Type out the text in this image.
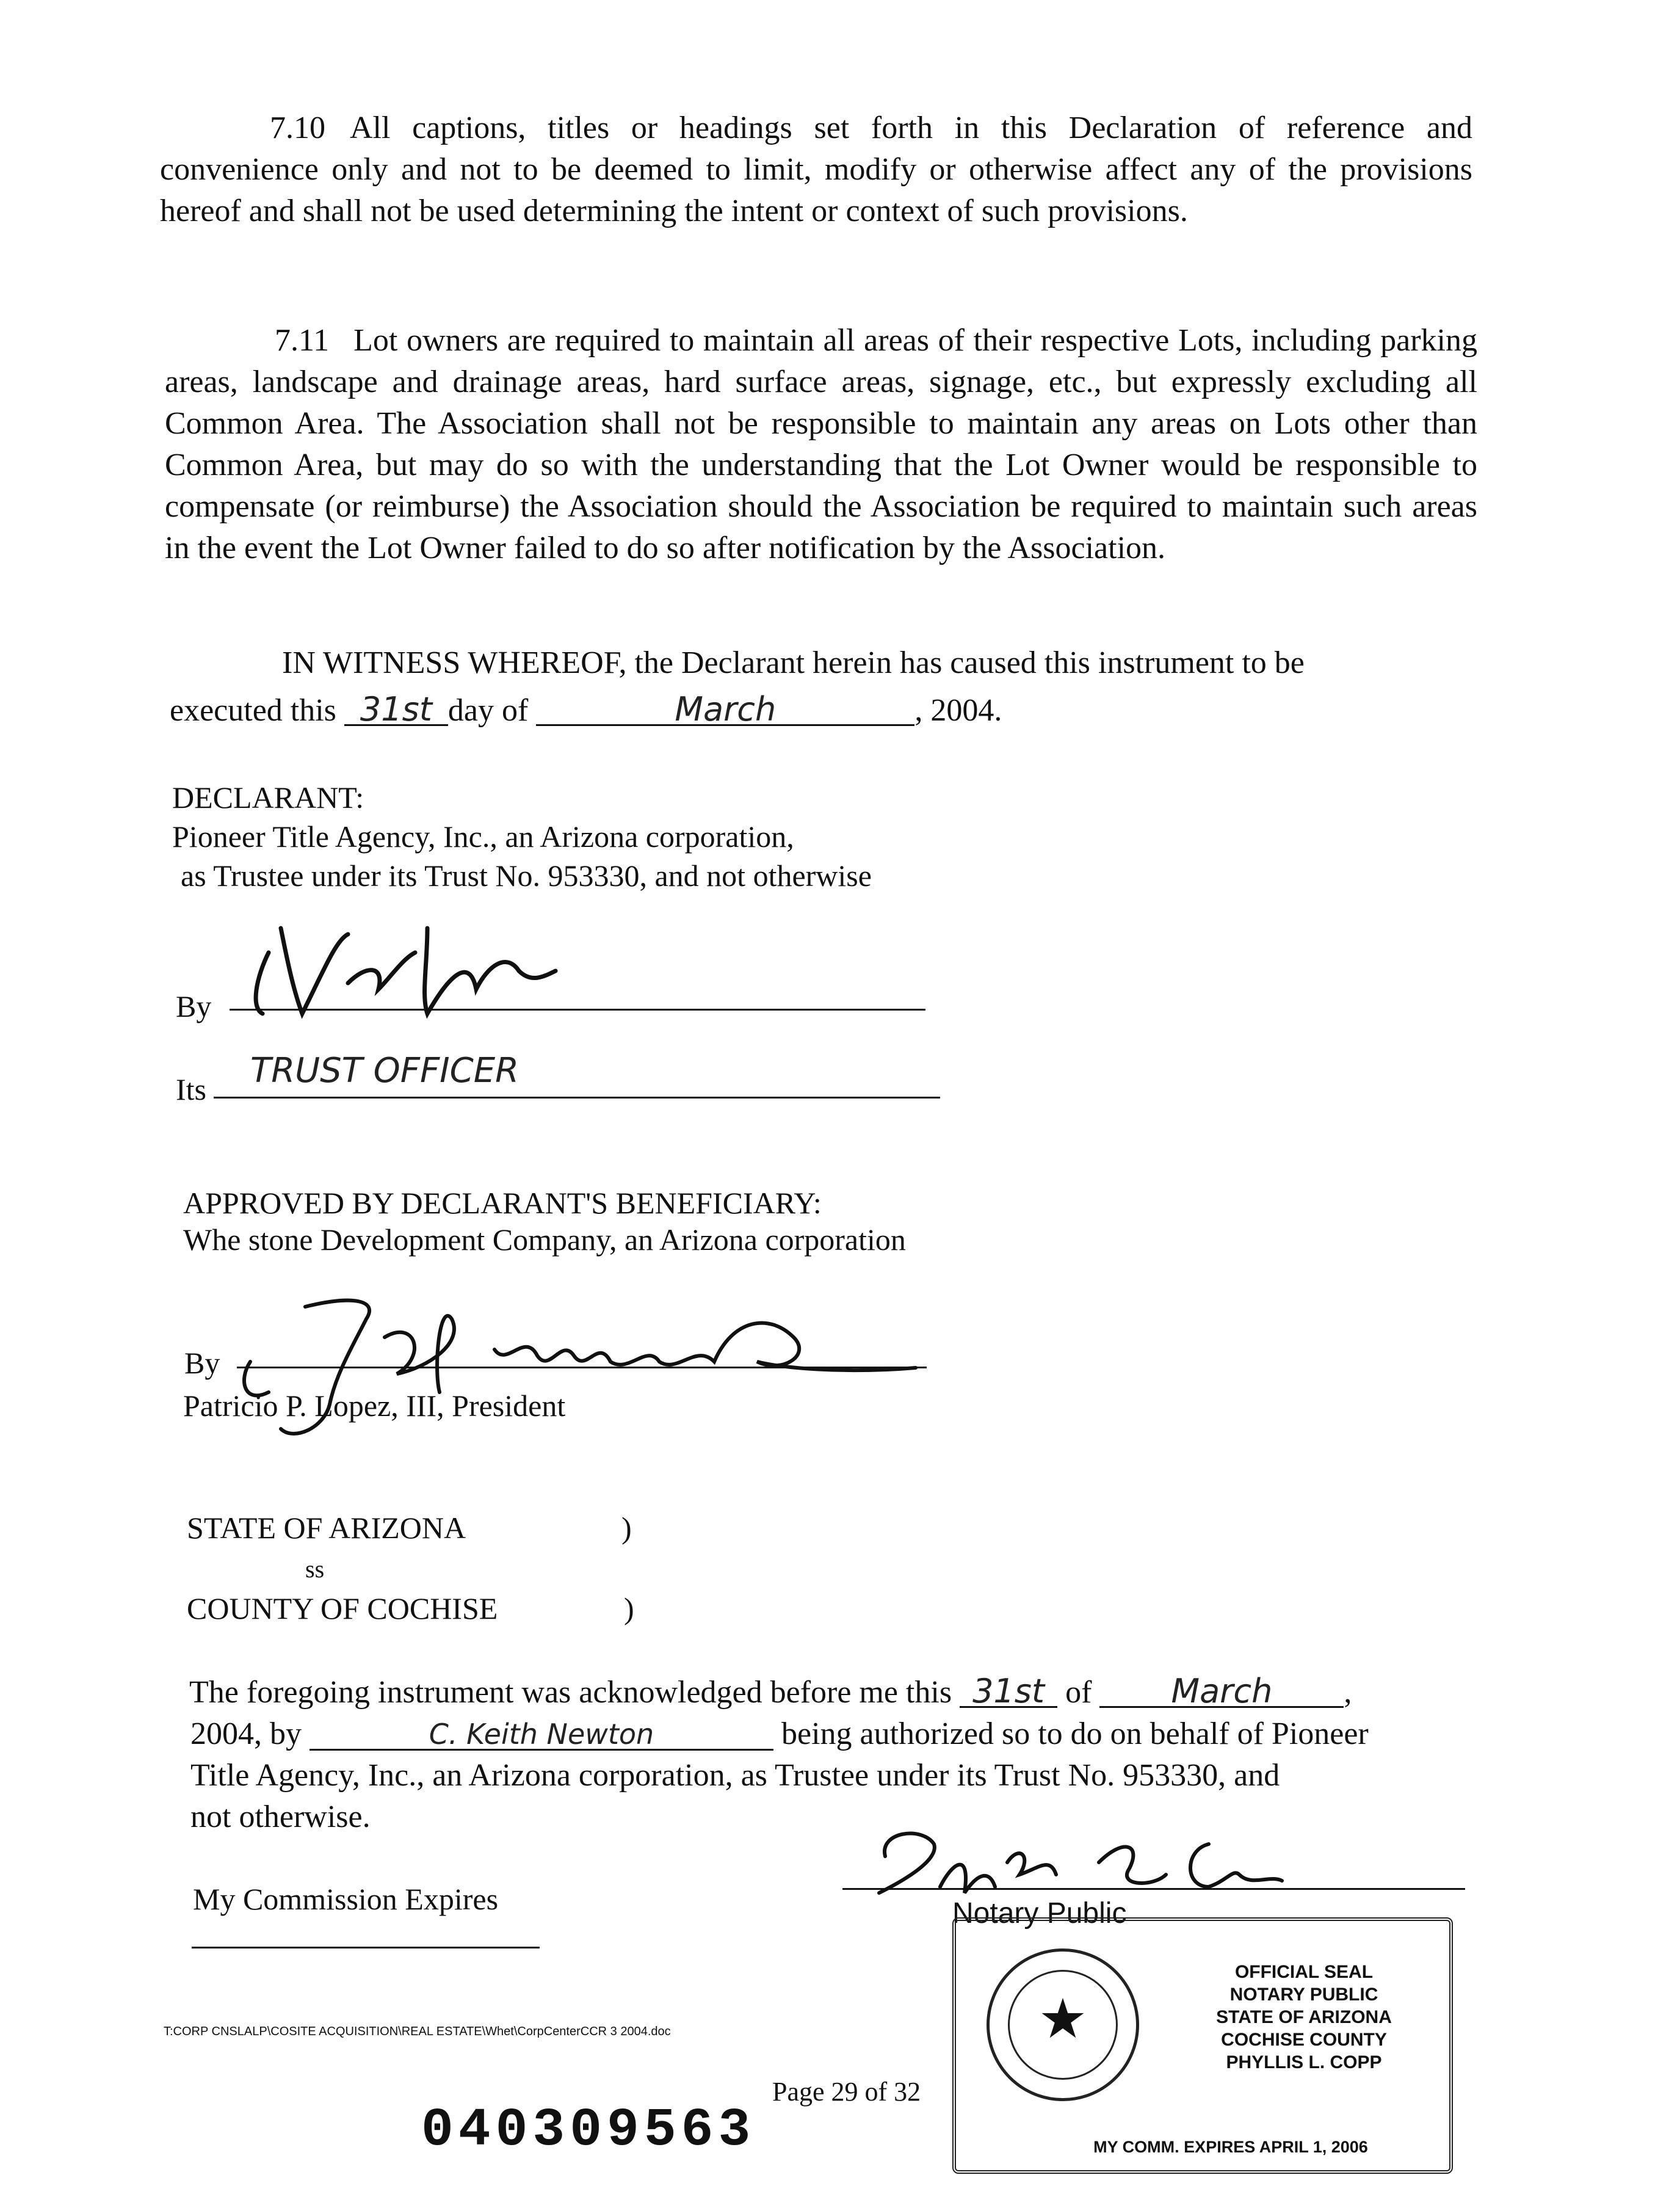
7.10 All captions, titles or headings set forth in this Declaration of reference and convenience only and not to be deemed to limit, modify or otherwise affect any of the provisions hereof and shall not be used determining the intent or context of such provisions.
7.11 Lot owners are required to maintain all areas of their respective Lots, including parking areas, landscape and drainage areas, hard surface areas, signage, etc., but expressly excluding all Common Area. The Association shall not be responsible to maintain any areas on Lots other than Common Area, but may do so with the understanding that the Lot Owner would be responsible to compensate (or reimburse) the Association should the Association be required to maintain such areas in the event the Lot Owner failed to do so after notification by the Association.
IN WITNESS WHEREOF, the Declarant herein has caused this instrument to be
executed this 31st day of	March	, 2004.
DECLARANT:
Pioneer Title Agency, Inc., an Arizona corporation,
as Trustee under its Trust No. 953330, and not otherwise
By
Its TRUST OFFICER
APPROVED BY DECLARANT'S BENEFICIARY:
Whe stone Development Company, an Arizona corporation
By
Patricio P. Lopez, III, President
STATE OF ARIZONA	)
ss
COUNTY OF COCHISE	)
The foregoing instrument was acknowledged before me this 31st of March ,
2004, by	C. Keith Newton	being authorized so to do on behalf of Pioneer
Title Agency, Inc., an Arizona corporation, as Trustee under its Trust No. 953330, and
not otherwise.
My Commission Expires	Notary Public
★
OFFICIAL SEAL
NOTARY PUBLIC
STATE OF ARIZONA
COCHISE COUNTY
PHYLLIS L. COPP
MY COMM. EXPIRES APRIL 1, 2006
T:CORP CNSLALP\COSITE ACQUISITION\REAL ESTATE\Whet\CorpCenterCCR 3 2004.doc
Page 29 of 32
040309563
